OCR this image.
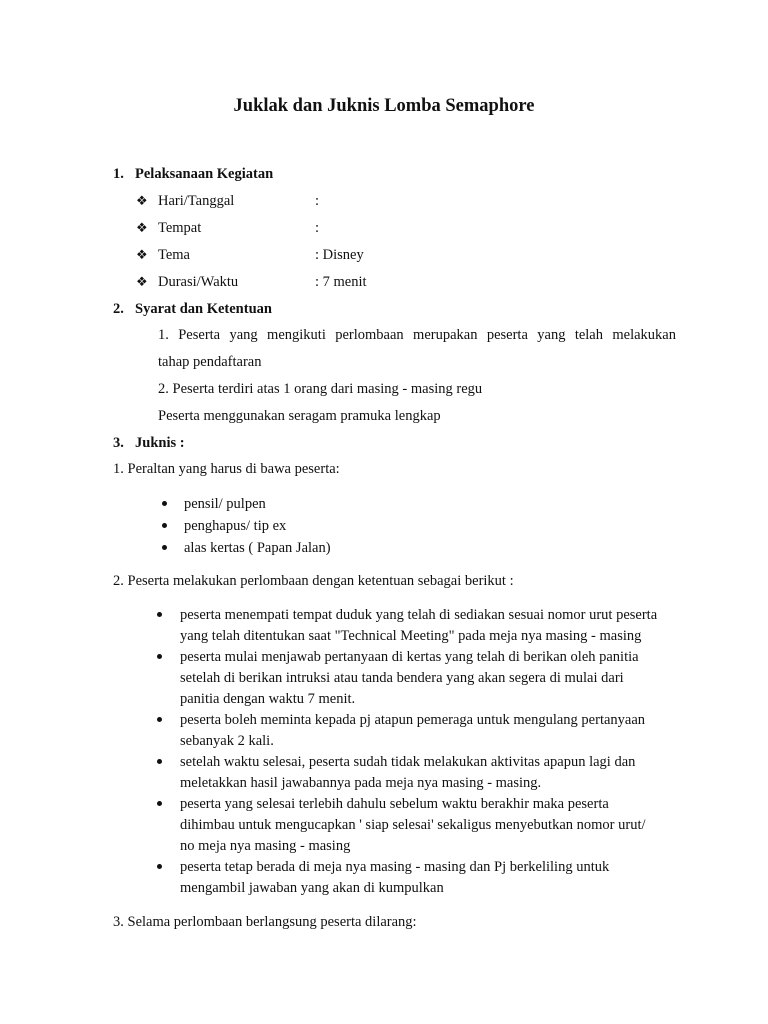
Juklak dan Juknis Lomba Semaphore
1. Pelaksanaan Kegiatan
❖ Hari/Tanggal	:
❖ Tempat	:
❖ Tema	: Disney
❖ Durasi/Waktu	: 7 menit
2. Syarat dan Ketentuan
1. Peserta yang mengikuti perlombaan merupakan peserta yang telah melakukan
tahap pendaftaran
2. Peserta terdiri atas 1 orang dari masing - masing regu
Peserta menggunakan seragam pramuka lengkap
3. Juknis :
1. Peraltan yang harus di bawa peserta:
pensil/ pulpen
penghapus/ tip ex
alas kertas ( Papan Jalan)
2. Peserta melakukan perlombaan dengan ketentuan sebagai berikut :
peserta menempati tempat duduk yang telah di sediakan sesuai nomor urut peserta
yang telah ditentukan saat "Technical Meeting" pada meja nya masing - masing
peserta mulai menjawab pertanyaan di kertas yang telah di berikan oleh panitia
setelah di berikan intruksi atau tanda bendera yang akan segera di mulai dari
panitia dengan waktu 7 menit.
peserta boleh meminta kepada pj atapun pemeraga untuk mengulang pertanyaan
sebanyak 2 kali.
setelah waktu selesai, peserta sudah tidak melakukan aktivitas apapun lagi dan
meletakkan hasil jawabannya pada meja nya masing - masing.
peserta yang selesai terlebih dahulu sebelum waktu berakhir maka peserta
dihimbau untuk mengucapkan ' siap selesai' sekaligus menyebutkan nomor urut/
no meja nya masing - masing
peserta tetap berada di meja nya masing - masing dan Pj berkeliling untuk
mengambil jawaban yang akan di kumpulkan
3. Selama perlombaan berlangsung peserta dilarang:
